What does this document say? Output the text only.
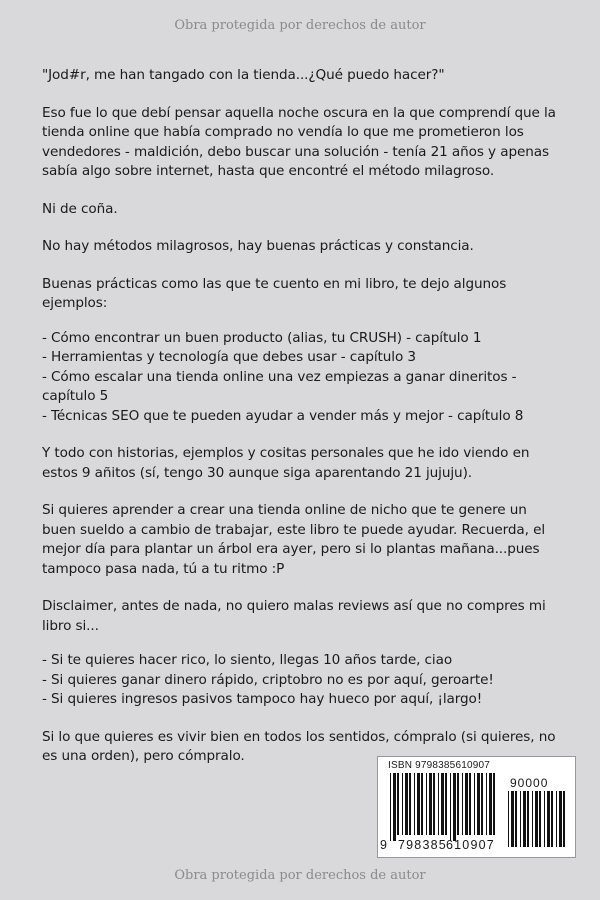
Obra protegida por derechos de autor

"Jod#r, me han tangado con la tienda...¿Qué puedo hacer?"

Eso fue lo que debí pensar aquella noche oscura en la que comprendí que la tienda online que había comprado no vendía lo que me prometieron los vendedores - maldición, debo buscar una solución - tenía 21 años y apenas sabía algo sobre internet, hasta que encontré el método milagroso.

Ni de coña.

No hay métodos milagrosos, hay buenas prácticas y constancia.

Buenas prácticas como las que te cuento en mi libro, te dejo algunos ejemplos:

- Cómo encontrar un buen producto (alias, tu CRUSH) - capítulo 1
- Herramientas y tecnología que debes usar - capítulo 3
- Cómo escalar una tienda online una vez empiezas a ganar dineritos - capítulo 5
- Técnicas SEO que te pueden ayudar a vender más y mejor - capítulo 8

Y todo con historias, ejemplos y cositas personales que he ido viendo en estos 9 añitos (sí, tengo 30 aunque siga aparentando 21 jujuju).

Si quieres aprender a crear una tienda online de nicho que te genere un buen sueldo a cambio de trabajar, este libro te puede ayudar. Recuerda, el mejor día para plantar un árbol era ayer, pero si lo plantas mañana...pues tampoco pasa nada, tú a tu ritmo :P

Disclaimer, antes de nada, no quiero malas reviews así que no compres mi libro si...

- Si te quieres hacer rico, lo siento, llegas 10 años tarde, ciao
- Si quieres ganar dinero rápido, criptobro no es por aquí, geroarte!
- Si quieres ingresos pasivos tampoco hay hueco por aquí, ¡largo!

Si lo que quieres es vivir bien en todos los sentidos, cómpralo (si quieres, no es una orden), pero cómpralo.

ISBN 9798385610907
90000
9 798385 610907
Obra protegida por derechos de autor
